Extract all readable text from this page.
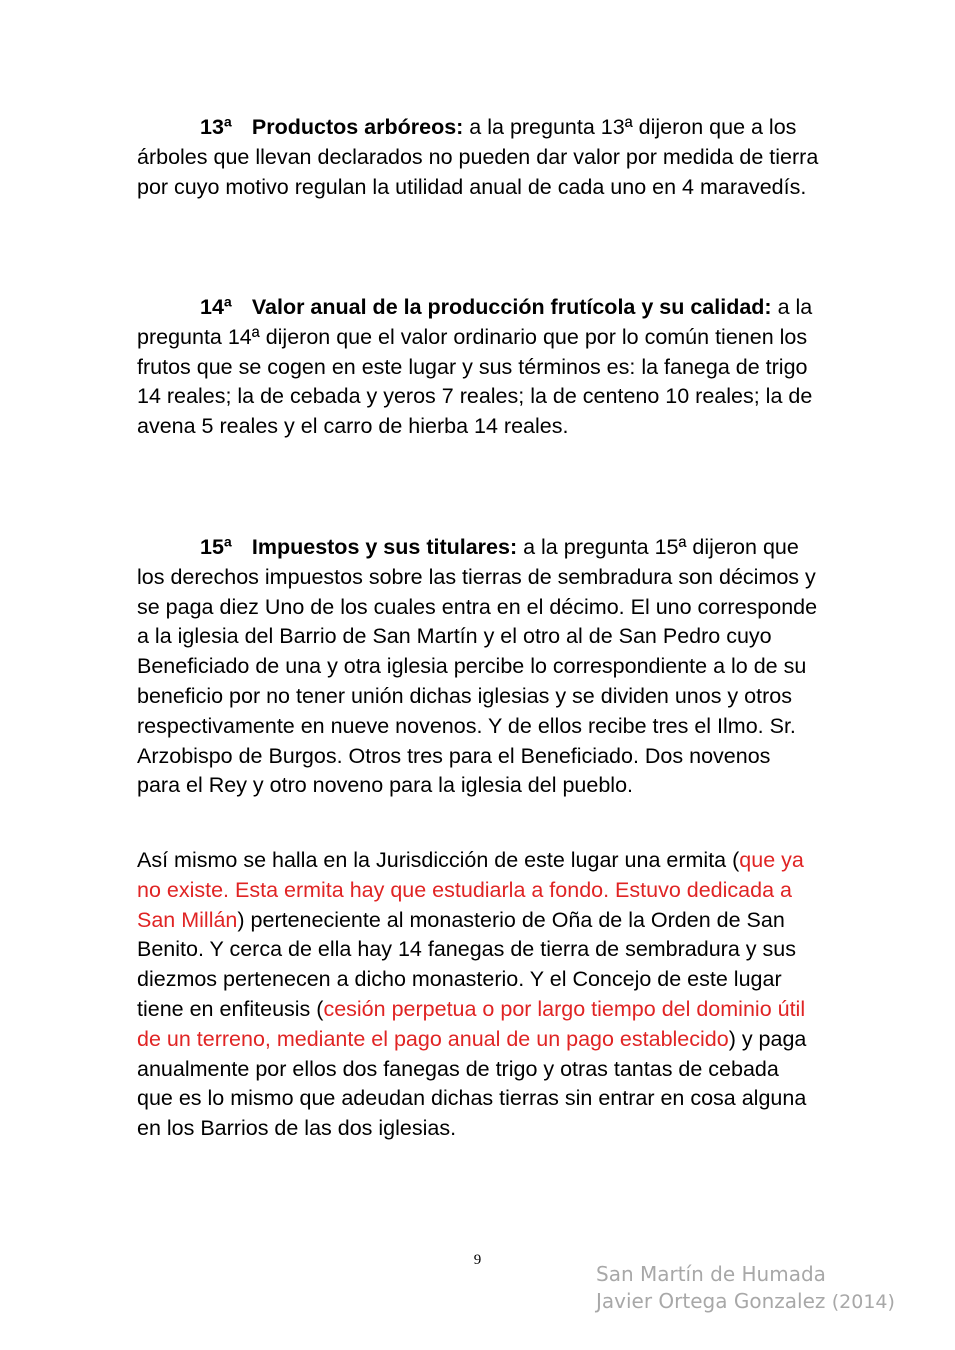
13ª Productos arbóreos: a la pregunta 13ª dijeron que a los árboles que llevan declarados no pueden dar valor por medida de tierra por cuyo motivo regulan la utilidad anual de cada uno en 4 maravedís.

14ª Valor anual de la producción frutícola y su calidad: a la pregunta 14ª dijeron que el valor ordinario que por lo común tienen los frutos que se cogen en este lugar y sus términos es: la fanega de trigo 14 reales; la de cebada y yeros 7 reales; la de centeno 10 reales; la de avena 5 reales y el carro de hierba 14 reales.

15ª Impuestos y sus titulares: a la pregunta 15ª dijeron que los derechos impuestos sobre las tierras de sembradura son décimos y se paga diez Uno de los cuales entra en el décimo. El uno corresponde a la iglesia del Barrio de San Martín y el otro al de San Pedro cuyo Beneficiado de una y otra iglesia percibe lo correspondiente a lo de su beneficio por no tener unión dichas iglesias y se dividen unos y otros respectivamente en nueve novenos. Y de ellos recibe tres el Ilmo. Sr. Arzobispo de Burgos. Otros tres para el Beneficiado. Dos novenos para el Rey y otro noveno para la iglesia del pueblo.

Así mismo se halla en la Jurisdicción de este lugar una ermita (que ya no existe. Esta ermita hay que estudiarla a fondo. Estuvo dedicada a San Millán) perteneciente al monasterio de Oña de la Orden de San Benito. Y cerca de ella hay 14 fanegas de tierra de sembradura y sus diezmos pertenecen a dicho monasterio. Y el Concejo de este lugar tiene en enfiteusis (cesión perpetua o por largo tiempo del dominio útil de un terreno, mediante el pago anual de un pago establecido) y paga anualmente por ellos dos fanegas de trigo y otras tantas de cebada que es lo mismo que adeudan dichas tierras sin entrar en cosa alguna en los Barrios de las dos iglesias.

9
San Martín de Humada
Javier Ortega Gonzalez (2014)
